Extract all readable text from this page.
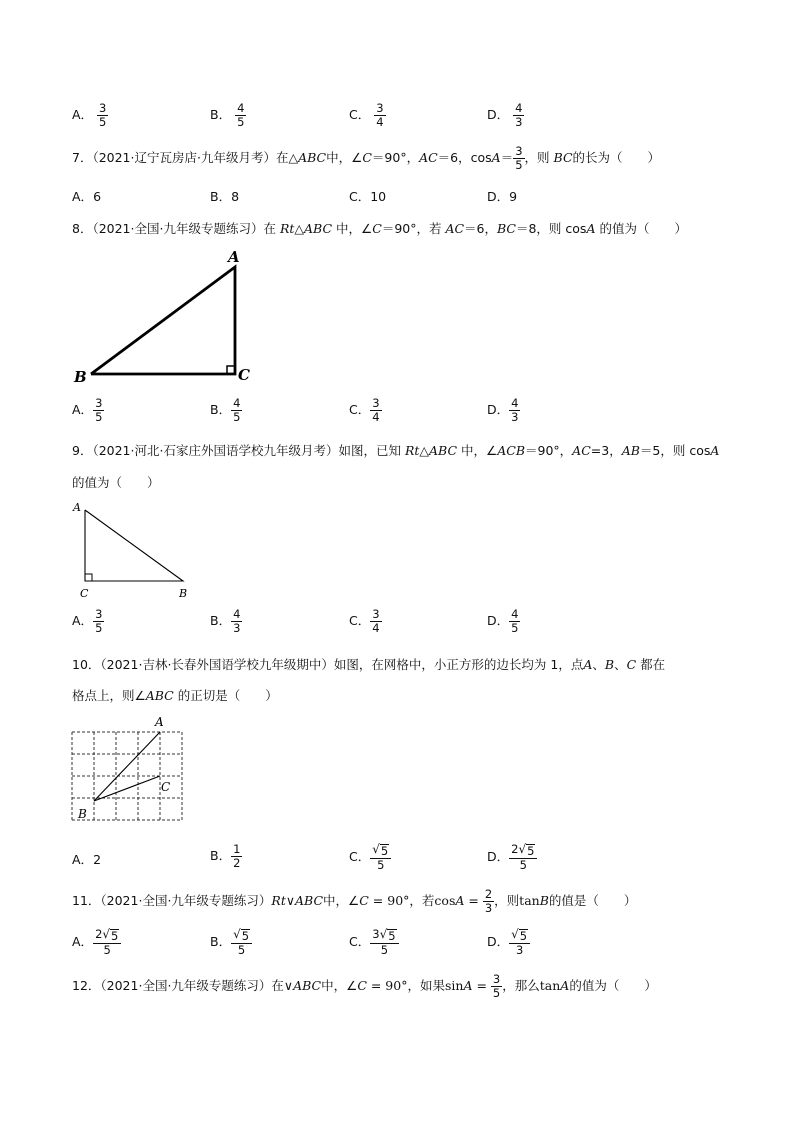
A． $\frac{3}{5}$	B． $\frac{4}{5}$	C． $\frac{3}{4}$	D． $\frac{4}{3}$
7．（2021·辽宁瓦房店·九年级月考）在△ABC中，∠C＝90°，AC＝6，$\cos A= \frac{3}{5}$ ，则 BC的长为（　　）
A．6	B．8	C．10	D．9
8．（2021·全国·九年级专题练习）在 Rt△ABC 中，∠C＝90°，若 AC＝6，BC＝8，则 cosA 的值为（　　）
A
B	C
A． $\frac{3}{5}$	B． $\frac{4}{5}$	C． $\frac{3}{4}$	D． $\frac{4}{3}$
9．（2021·河北·石家庄外国语学校九年级月考）如图，已知 Rt△ABC 中，∠ACB＝90°，AC=3，AB＝5，则 cosA
的值为（　　）
A
C	B
A． $\frac{3}{5}$	B． $\frac{4}{3}$	C． $\frac{3}{4}$	D． $\frac{4}{5}$
10．（2021·吉林·长春外国语学校九年级期中）如图，在网格中，小正方形的边长均为 1，点A、B、C 都在
格点上，则∠ABC 的正切是（　　）
A
B
C
A．2	B． $\frac{1}{2}$	C． $\frac{√ 5}{5}$	D． $\frac{2 √ 5}{5}$
11．（2021·全国·九年级专题练习）Rt∨ABC中，∠C = 90°，若$\cos A = \frac{2}{3}$ ，则tanB的值是（　　）
A． $\frac{2 √ 5}{5}$	B． $\frac{√ 5}{5}$	C． $\frac{3 √ 5}{5}$	D． $\frac{√ 5}{3}$
12．（2021·全国·九年级专题练习）在∨ABC中，∠C = 90°，如果$\sin A = \frac{3}{5}$ ，那么tanA的值为（　　）
